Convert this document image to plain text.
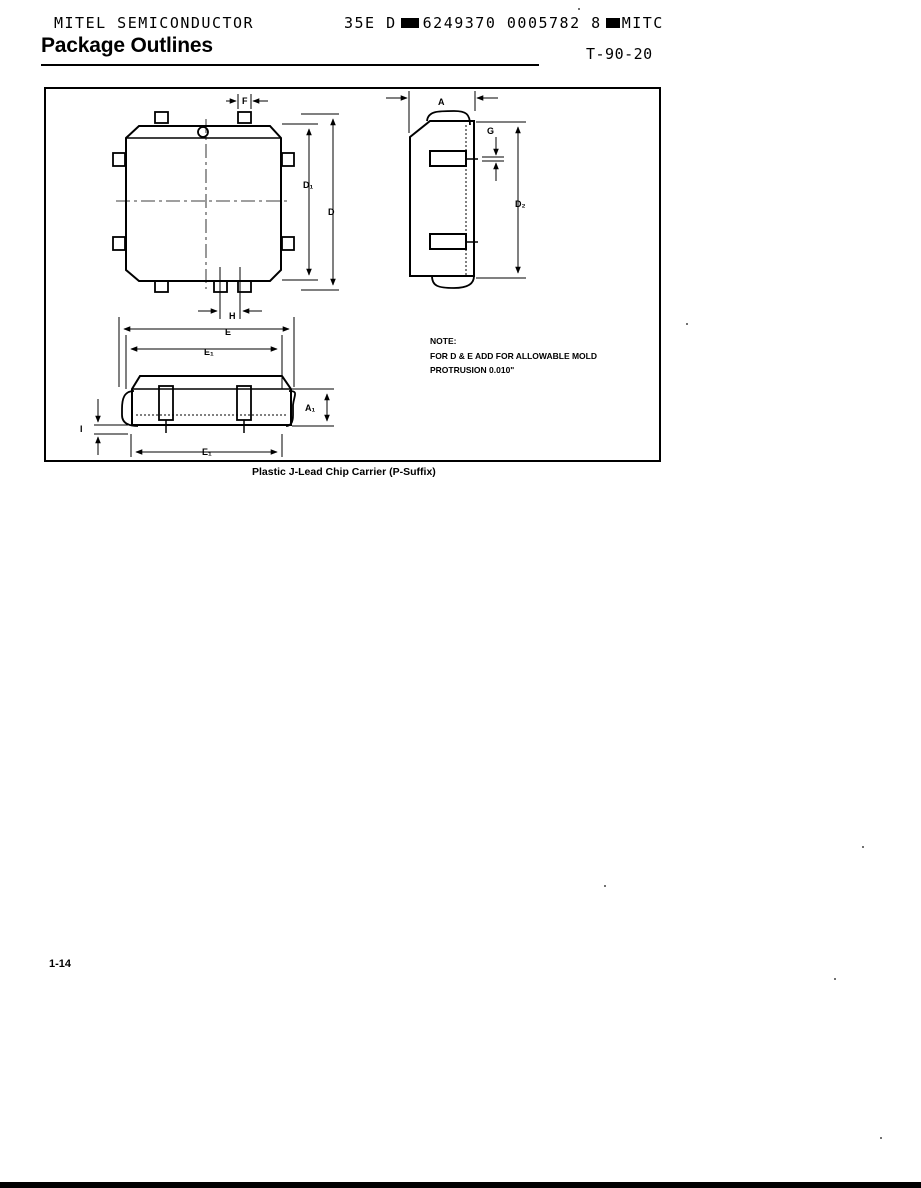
MITEL SEMICONDUCTOR	35E D 6249370 0005782 8 MITC
Package Outlines	T-90-20
F	A
G
D₁
D
D₂
H
E
E₁
A₁
I
E₁
NOTE:
FOR D & E ADD FOR ALLOWABLE MOLD
PROTRUSION 0.010"
Plastic J-Lead Chip Carrier (P-Suffix)
1-14
